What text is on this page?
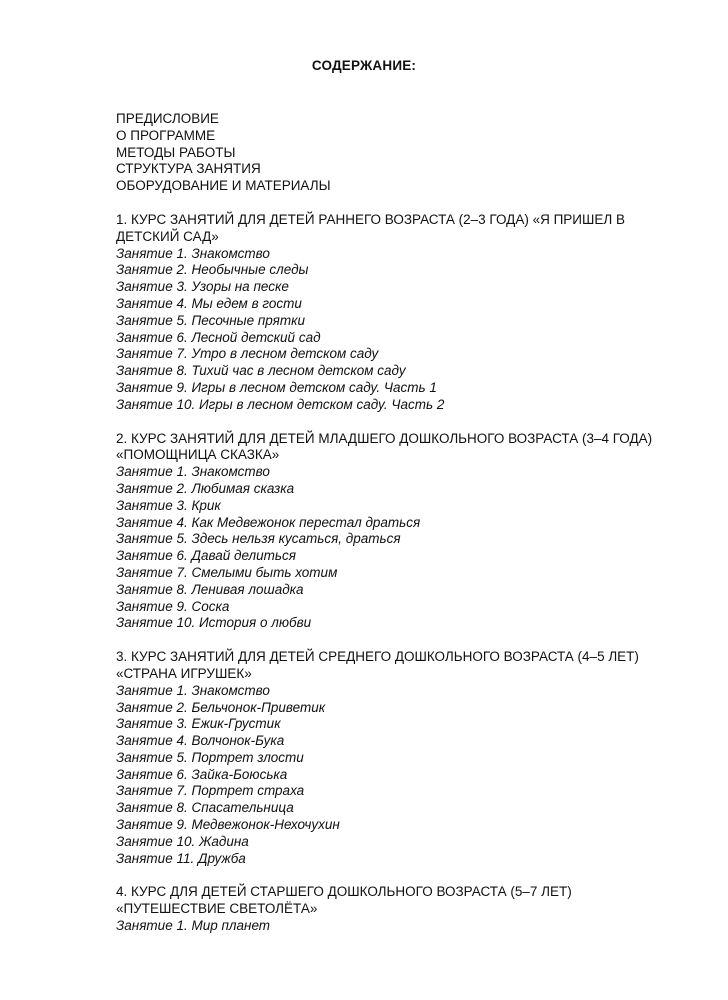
СОДЕРЖАНИЕ:
ПРЕДИСЛОВИЕ
О ПРОГРАММЕ
МЕТОДЫ РАБОТЫ
СТРУКТУРА ЗАНЯТИЯ
ОБОРУДОВАНИЕ И МАТЕРИАЛЫ

1. КУРС ЗАНЯТИЙ ДЛЯ ДЕТЕЙ РАННЕГО ВОЗРАСТА (2–3 ГОДА) «Я ПРИШЕЛ В ДЕТСКИЙ САД»

Занятие 1. Знакомство
Занятие 2. Необычные следы
Занятие 3. Узоры на песке
Занятие 4. Мы едем в гости
Занятие 5. Песочные прятки
Занятие 6. Лесной детский сад
Занятие 7. Утро в лесном детском саду
Занятие 8. Тихий час в лесном детском саду
Занятие 9. Игры в лесном детском саду. Часть 1
Занятие 10. Игры в лесном детском саду. Часть 2

2. КУРС ЗАНЯТИЙ ДЛЯ ДЕТЕЙ МЛАДШЕГО ДОШКОЛЬНОГО ВОЗРАСТА (3–4 ГОДА) «ПОМОЩНИЦА СКАЗКА»

Занятие 1. Знакомство
Занятие 2. Любимая сказка
Занятие 3. Крик
Занятие 4. Как Медвежонок перестал драться
Занятие 5. Здесь нельзя кусаться, драться
Занятие 6. Давай делиться
Занятие 7. Смелыми быть хотим
Занятие 8. Ленивая лошадка
Занятие 9. Соска
Занятие 10. История о любви

3. КУРС ЗАНЯТИЙ ДЛЯ ДЕТЕЙ СРЕДНЕГО ДОШКОЛЬНОГО ВОЗРАСТА (4–5 ЛЕТ) «СТРАНА ИГРУШЕК»

Занятие 1. Знакомство
Занятие 2. Бельчонок-Приветик
Занятие 3. Ежик-Грустик
Занятие 4. Волчонок-Бука
Занятие 5. Портрет злости
Занятие 6. Зайка-Боюська
Занятие 7. Портрет страха
Занятие 8. Спасательница
Занятие 9. Медвежонок-Нехочухин
Занятие 10. Жадина
Занятие 11. Дружба

4. КУРС ДЛЯ ДЕТЕЙ СТАРШЕГО ДОШКОЛЬНОГО ВОЗРАСТА (5–7 ЛЕТ) «ПУТЕШЕСТВИЕ СВЕТОЛЁТА»

Занятие 1. Мир планет
